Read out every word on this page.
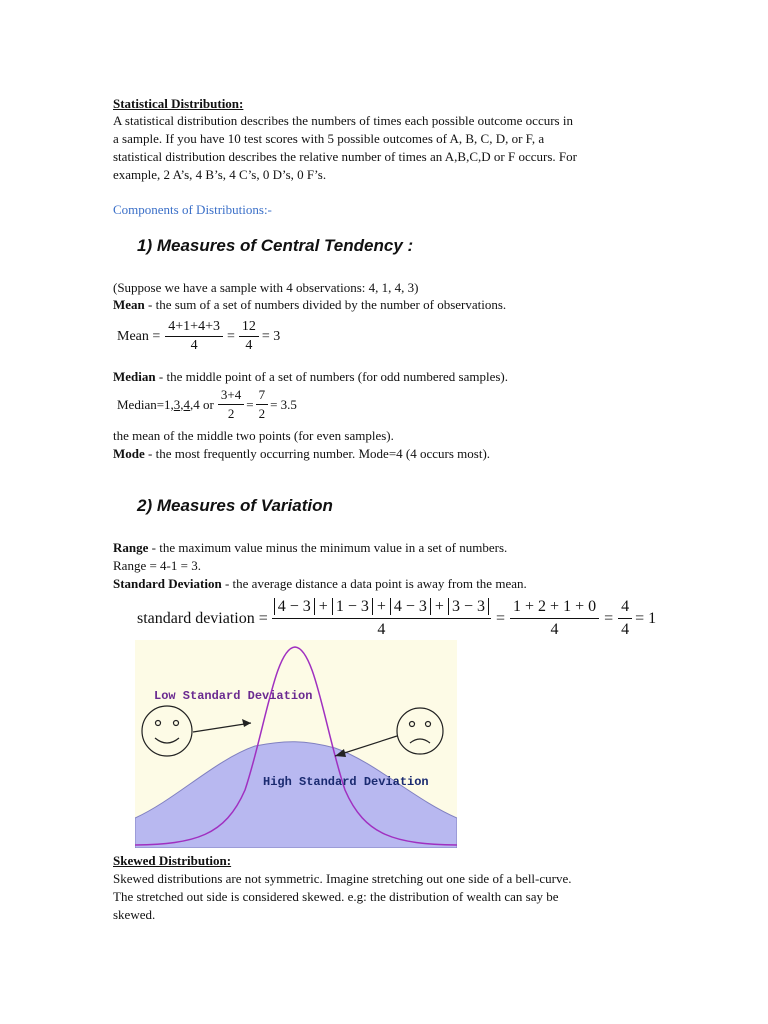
Statistical Distribution:
A statistical distribution describes the numbers of times each possible outcome occurs in
a sample. If you have 10 test scores with 5 possible outcomes of A, B, C, D, or F, a
statistical distribution describes the relative number of times an A,B,C,D or F occurs. For
example, 2 A’s, 4 B’s, 4 C’s, 0 D’s, 0 F’s.
Components of Distributions:-
1) Measures of Central Tendency :
(Suppose we have a sample with 4 observations: 4, 1, 4, 3)
Mean - the sum of a set of numbers divided by the number of observations.
Mean = $\frac{4+1+4+3}{4} = \frac{12}{4} = 3$
Median - the middle point of a set of numbers (for odd numbered samples).
Median=1, 3,4, 4 or $\frac{3+4}{2} = \frac{7}{2} = 3.5$
the mean of the middle two points (for even samples).
Mode - the most frequently occurring number. Mode=4 (4 occurs most).
2) Measures of Variation
Range - the maximum value minus the minimum value in a set of numbers.
Range = 4-1 = 3.
Standard Deviation - the average distance a data point is away from the mean.
standard deviation =
4 − 3 + 1 − 3 + 4 − 3 + 3 − 3
4
= $\frac{1 + 2 + 1 + 0}{4} = \frac{4}{4} = 1$
Low Standard Deviation
High Standard Deviation
Skewed Distribution:
Skewed distributions are not symmetric. Imagine stretching out one side of a bell-curve.
The stretched out side is considered skewed. e.g: the distribution of wealth can say be
skewed.
